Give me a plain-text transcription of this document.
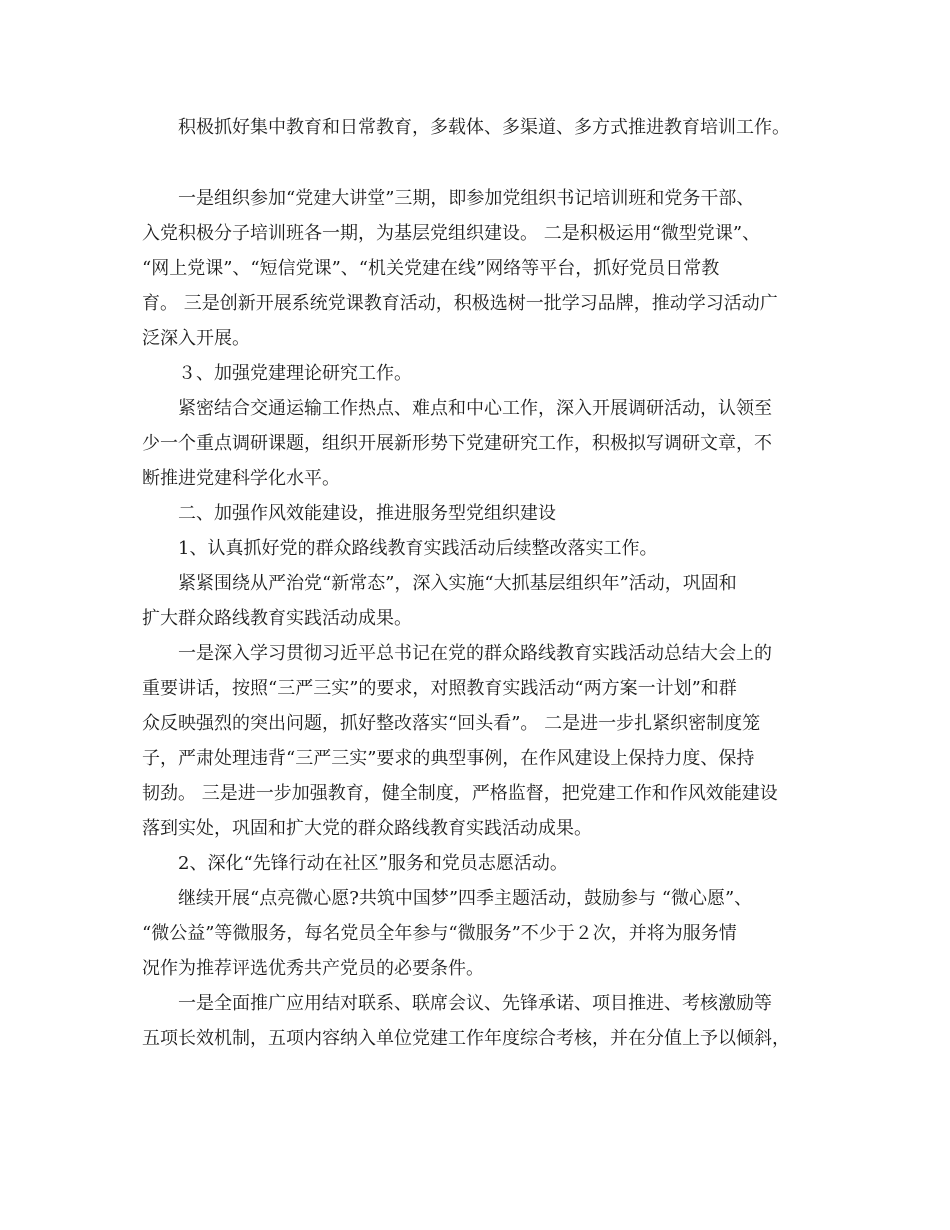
积极抓好集中教育和日常教育，多载体、多渠道、多方式推进教育培训工作。
一是组织参加“党建大讲堂”三期，即参加党组织书记培训班和党务干部、
入党积极分子培训班各一期，为基层党组织建设。 二是积极运用“微型党课”、
“网上党课”、“短信党课”、“机关党建在线”网络等平台，抓好党员日常教
育。 三是创新开展系统党课教育活动，积极选树一批学习品牌，推动学习活动广
泛深入开展。
３、加强党建理论研究工作。
紧密结合交通运输工作热点、难点和中心工作，深入开展调研活动，认领至
少一个重点调研课题，组织开展新形势下党建研究工作，积极拟写调研文章，不
断推进党建科学化水平。
二、加强作风效能建设，推进服务型党组织建设
1、认真抓好党的群众路线教育实践活动后续整改落实工作。
紧紧围绕从严治党“新常态”，深入实施“大抓基层组织年”活动，巩固和
扩大群众路线教育实践活动成果。
一是深入学习贯彻习近平总书记在党的群众路线教育实践活动总结大会上的
重要讲话，按照“三严三实”的要求，对照教育实践活动“两方案一计划”和群
众反映强烈的突出问题，抓好整改落实“回头看”。 二是进一步扎紧织密制度笼
子，严肃处理违背“三严三实”要求的典型事例，在作风建设上保持力度、保持
韧劲。 三是进一步加强教育，健全制度，严格监督，把党建工作和作风效能建设
落到实处，巩固和扩大党的群众路线教育实践活动成果。
2、深化“先锋行动在社区”服务和党员志愿活动。
继续开展“点亮微心愿?共筑中国梦”四季主题活动，鼓励参与 “微心愿”、
“微公益”等微服务，每名党员全年参与“微服务”不少于２次，并将为服务情
况作为推荐评选优秀共产党员的必要条件。
一是全面推广应用结对联系、联席会议、先锋承诺、项目推进、考核激励等
五项长效机制，五项内容纳入单位党建工作年度综合考核，并在分值上予以倾斜，
